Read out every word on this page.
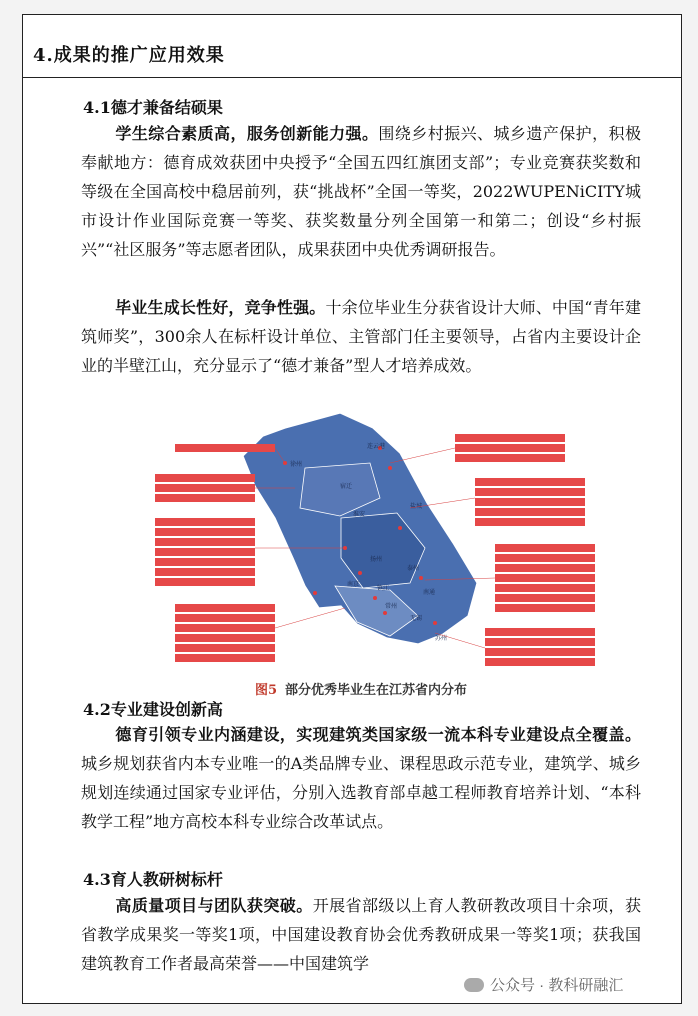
4.成果的推广应用效果
4.1德才兼备结硕果

学生综合素质高，服务创新能力强。围绕乡村振兴、城乡遗产保护，积极奉献地方：德育成效获团中央授予“全国五四红旗团支部”；专业竞赛获奖数和等级在全国高校中稳居前列，获“挑战杯”全国一等奖，2022WUPENiCITY城市设计作业国际竞赛一等奖、获奖数量分列全国第一和第二；创设“乡村振兴”“社区服务”等志愿者团队，成果获团中央优秀调研报告。

毕业生成长性好，竞争性强。十余位毕业生分获省设计大师、中国“青年建筑师奖”，300余人在标杆设计单位、主管部门任主要领导，占省内主要设计企业的半壁江山，充分显示了“德才兼备”型人才培养成效。

连云港
徐州
宿迁
盐城
淮安
扬州
泰州
南通
南京
镇江
常州
无锡
苏州
图5 部分优秀毕业生在江苏省内分布
4.2专业建设创新高

德育引领专业内涵建设，实现建筑类国家级一流本科专业建设点全覆盖。城乡规划获省内本专业唯一的A类品牌专业、课程思政示范专业，建筑学、城乡规划连续通过国家专业评估，分别入选教育部卓越工程师教育培养计划、“本科教学工程”地方高校本科专业综合改革试点。

4.3育人教研树标杆

高质量项目与团队获突破。开展省部级以上育人教研教改项目十余项，获省教学成果奖一等奖1项，中国建设教育协会优秀教研成果一等奖1项；获我国建筑教育工作者最高荣誉——中国建筑学

公众号 · 教科研融汇
